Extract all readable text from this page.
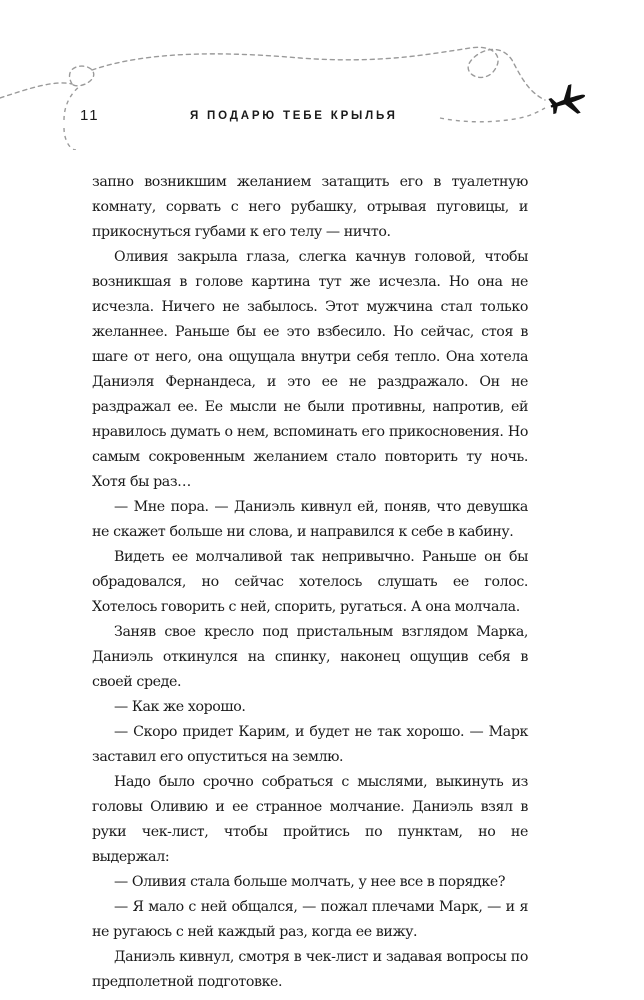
11	Я ПОДАРЮ ТЕБЕ КРЫЛЬЯ

запно возникшим желанием затащить его в туалетную комнату, сорвать с него рубашку, отрывая пуговицы, и прикоснуться губами к его телу — ничто.

Оливия закрыла глаза, слегка качнув головой, чтобы возникшая в голове картина тут же исчезла. Но она не исчезла. Ничего не забылось. Этот мужчина стал только желаннее. Раньше бы ее это взбесило. Но сейчас, стоя в шаге от него, она ощущала внутри себя тепло. Она хотела Даниэля Фернандеса, и это ее не раздражало. Он не раздражал ее. Ее мысли не были противны, напротив, ей нравилось думать о нем, вспоминать его прикосновения. Но самым сокровенным желанием стало повторить ту ночь. Хотя бы раз…

— Мне пора. — Даниэль кивнул ей, поняв, что девушка не скажет больше ни слова, и направился к себе в кабину.

Видеть ее молчаливой так непривычно. Раньше он бы обрадовался, но сейчас хотелось слушать ее голос. Хотелось говорить с ней, спорить, ругаться. А она молчала.

Заняв свое кресло под пристальным взглядом Марка, Даниэль откинулся на спинку, наконец ощущив себя в своей среде.

— Как же хорошо.

— Скоро придет Карим, и будет не так хорошо. — Марк заставил его опуститься на землю.

Надо было срочно собраться с мыслями, выкинуть из головы Оливию и ее странное молчание. Даниэль взял в руки чек-лист, чтобы пройтись по пунктам, но не выдержал:

— Оливия стала больше молчать, у нее все в порядке?

— Я мало с ней общался, — пожал плечами Марк, — и я не ругаюсь с ней каждый раз, когда ее вижу.

Даниэль кивнул, смотря в чек-лист и задавая вопросы по предполетной подготовке.
